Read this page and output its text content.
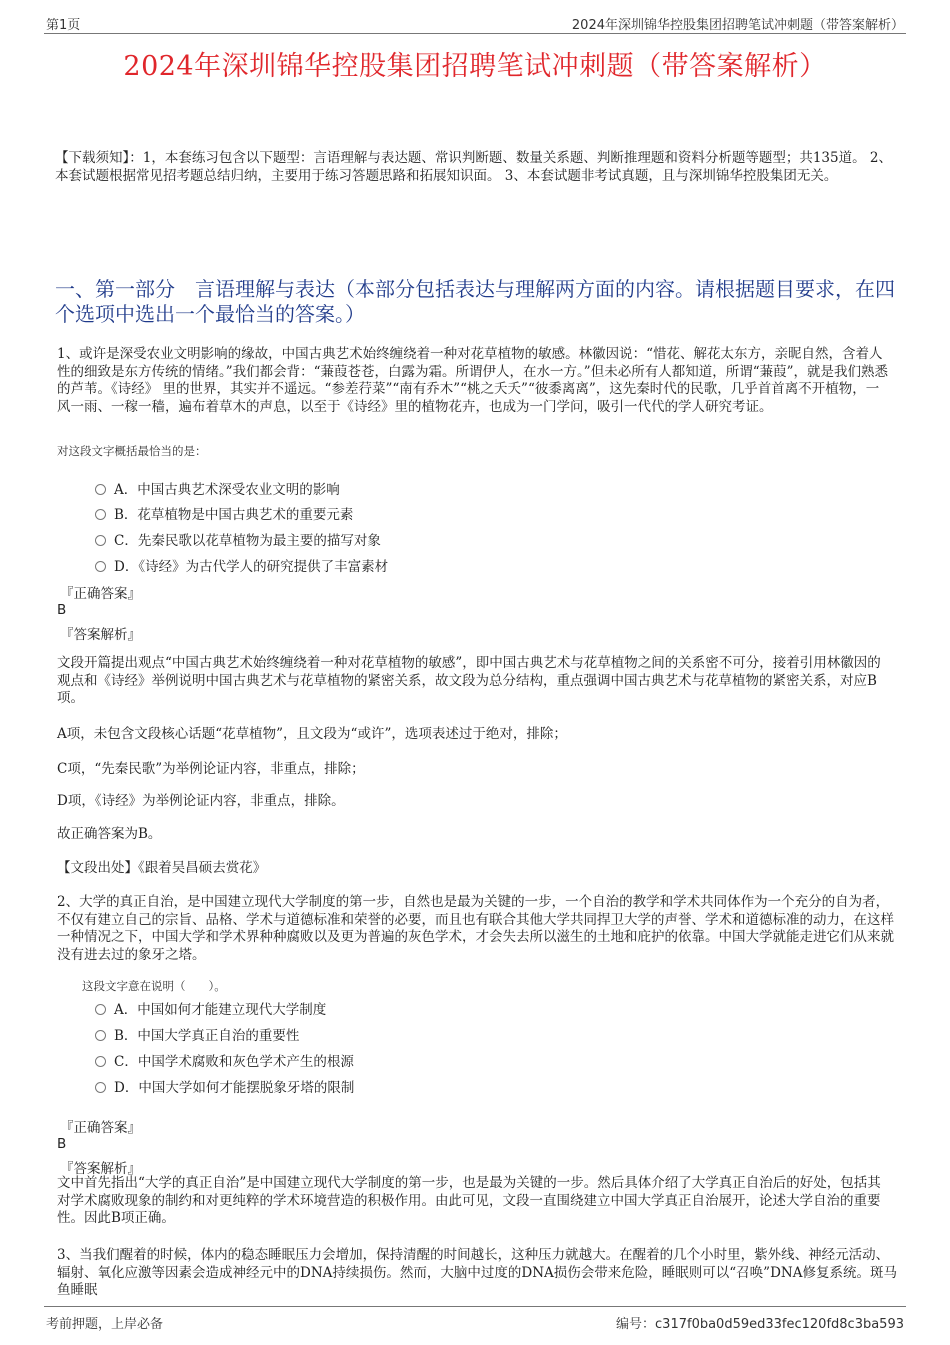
第1页	2024年深圳锦华控股集团招聘笔试冲刺题（带答案解析）
2024年深圳锦华控股集团招聘笔试冲刺题（带答案解析）
【下载须知】：1，本套练习包含以下题型：言语理解与表达题、常识判断题、数量关系题、判断推理题和资料分析题等题型；共135道。 2、本套试题根据常见招考题总结归纳，主要用于练习答题思路和拓展知识面。 3、本套试题非考试真题，且与深圳锦华控股集团无关。
一、第一部分　言语理解与表达（本部分包括表达与理解两方面的内容。请根据题目要求，在四个选项中选出一个最恰当的答案。）
1、或许是深受农业文明影响的缘故，中国古典艺术始终缠绕着一种对花草植物的敏感。林徽因说：“惜花、解花太东方，亲昵自然，含着人性的细致是东方传统的情绪。”我们都会背：“蒹葭苍苍，白露为霜。所谓伊人，在水一方。”但未必所有人都知道，所谓“蒹葭”，就是我们熟悉的芦苇。《诗经》 里的世界，其实并不遥远。“参差荇菜”“南有乔木”“桃之夭夭”“彼黍离离”，这先秦时代的民歌，几乎首首离不开植物，一风一雨、一稼一穑，遍布着草木的声息，以至于《诗经》里的植物花卉，也成为一门学问，吸引一代代的学人研究考证。
对这段文字概括最恰当的是：
A．中国古典艺术深受农业文明的影响
B．花草植物是中国古典艺术的重要元素
C．先秦民歌以花草植物为最主要的描写对象
D．《诗经》为古代学人的研究提供了丰富素材
『正确答案』
B
『答案解析』
文段开篇提出观点“中国古典艺术始终缠绕着一种对花草植物的敏感”，即中国古典艺术与花草植物之间的关系密不可分，接着引用林徽因的观点和《诗经》举例说明中国古典艺术与花草植物的紧密关系，故文段为总分结构，重点强调中国古典艺术与花草植物的紧密关系，对应B项。
A项，未包含文段核心话题“花草植物”，且文段为“或许”，选项表述过于绝对，排除；
C项，“先秦民歌”为举例论证内容，非重点，排除；
D项，《诗经》为举例论证内容，非重点，排除。
故正确答案为B。
【文段出处】《跟着吴昌硕去赏花》
2、大学的真正自治，是中国建立现代大学制度的第一步，自然也是最为关键的一步，一个自治的教学和学术共同体作为一个充分的自为者，不仅有建立自己的宗旨、品格、学术与道德标准和荣誉的必要，而且也有联合其他大学共同捍卫大学的声誉、学术和道德标准的动力，在这样一种情况之下，中国大学和学术界种种腐败以及更为普遍的灰色学术，才会失去所以滋生的土地和庇护的依靠。中国大学就能走进它们从来就没有进去过的象牙之塔。
这段文字意在说明（　　）。
A．中国如何才能建立现代大学制度
B．中国大学真正自治的重要性
C．中国学术腐败和灰色学术产生的根源
D．中国大学如何才能摆脱象牙塔的限制
『正确答案』
B
『答案解析』
文中首先指出“大学的真正自治”是中国建立现代大学制度的第一步，也是最为关键的一步。然后具体介绍了大学真正自治后的好处，包括其对学术腐败现象的制约和对更纯粹的学术环境营造的积极作用。由此可见，文段一直围绕建立中国大学真正自治展开，论述大学自治的重要性。因此B项正确。
3、当我们醒着的时候，体内的稳态睡眠压力会增加，保持清醒的时间越长，这种压力就越大。在醒着的几个小时里，紫外线、神经元活动、辐射、氧化应激等因素会造成神经元中的DNA持续损伤。然而，大脑中过度的DNA损伤会带来危险，睡眠则可以“召唤”DNA修复系统。斑马鱼睡眠
考前押题，上岸必备	编号：c317f0ba0d59ed33fec120fd8c3ba593
